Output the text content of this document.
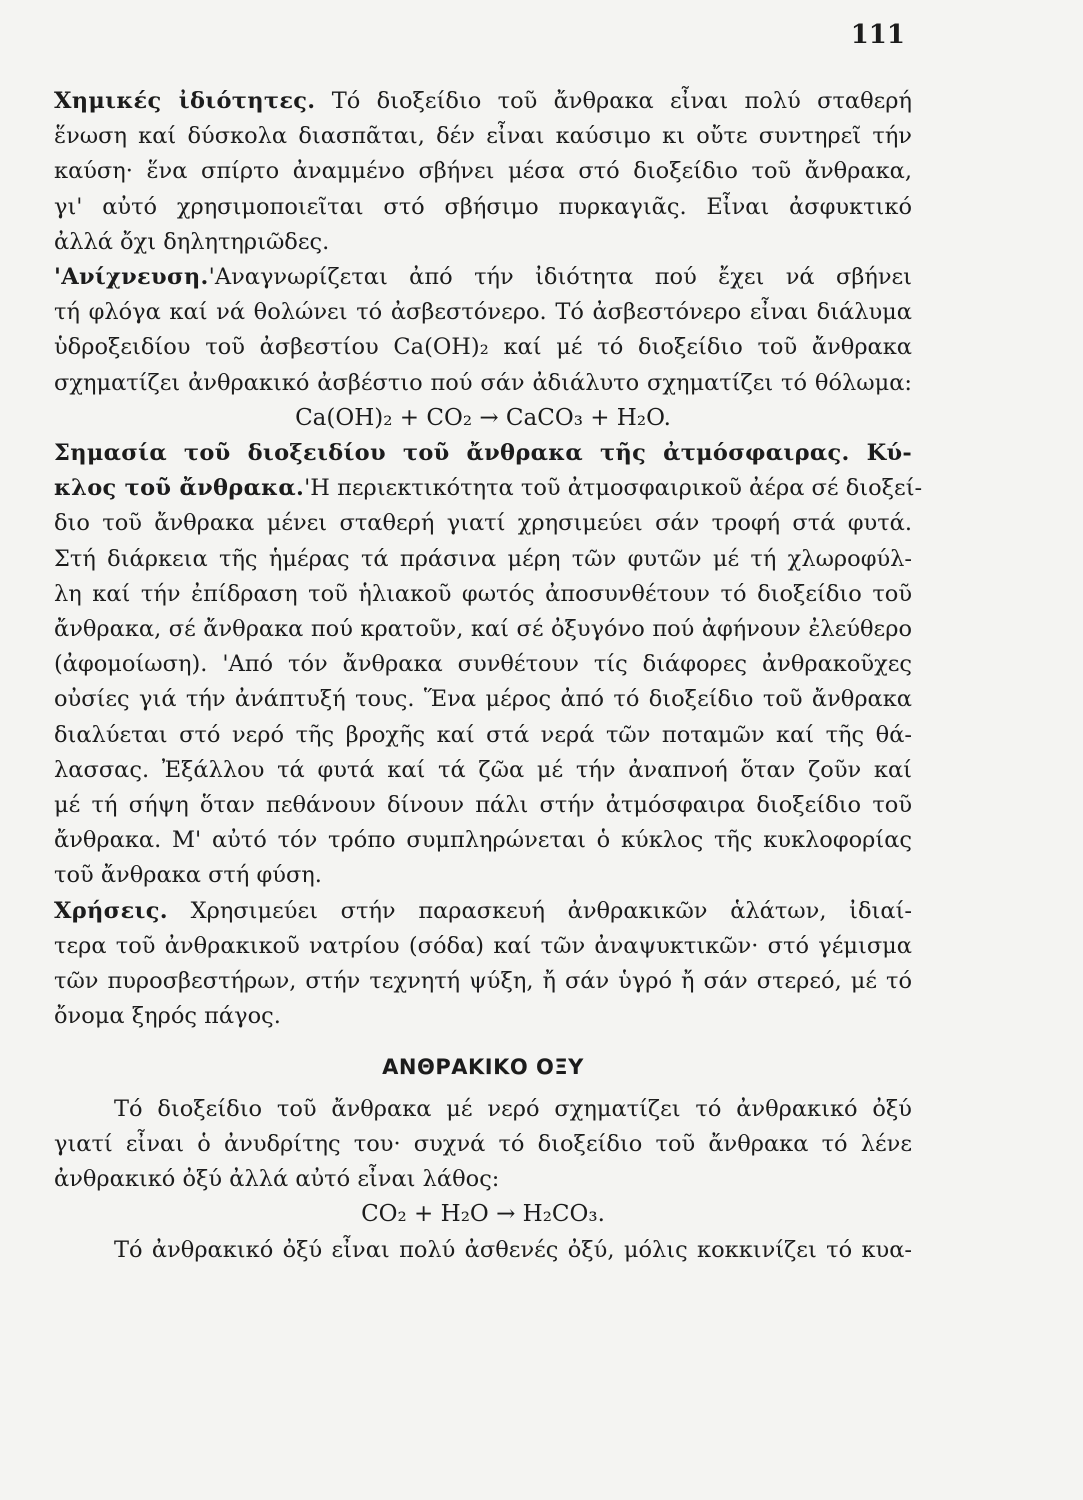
111
Χημικές ἰδιότητες. Τό διοξείδιο τοῦ ἄνθρακα εἶναι πολύ σταθερή
ἕνωση καί δύσκολα διασπᾶται, δέν εἶναι καύσιμο κι οὔτε συντηρεῖ τήν
καύση· ἕνα σπίρτο ἀναμμένο σβήνει μέσα στό διοξείδιο τοῦ ἄνθρακα,
γι' αὐτό χρησιμοποιεῖται στό σβήσιμο πυρκαγιᾶς. Εἶναι ἀσφυκτικό
ἀλλά ὄχι δηλητηριῶδες.
'Ανίχνευση.'Αναγνωρίζεται ἀπό τήν ἰδιότητα πού ἔχει νά σβήνει
τή φλόγα καί νά θολώνει τό ἀσβεστόνερο. Τό ἀσβεστόνερο εἶναι διάλυμα
ὑδροξειδίου τοῦ ἀσβεστίου Ca(OH)₂ καί μέ τό διοξείδιο τοῦ ἄνθρακα
σχηματίζει ἀνθρακικό ἀσβέστιο πού σάν ἀδιάλυτο σχηματίζει τό θόλωμα:
Ca(OH)₂ + CO₂ → CaCO₃ + H₂O.
Σημασία τοῦ διοξειδίου τοῦ ἄνθρακα τῆς ἀτμόσφαιρας. Κύ-
κλος τοῦ ἄνθρακα.'Η περιεκτικότητα τοῦ ἀτμοσφαιρικοῦ ἀέρα σέ διοξεί-
διο τοῦ ἄνθρακα μένει σταθερή γιατί χρησιμεύει σάν τροφή στά φυτά.
Στή διάρκεια τῆς ἡμέρας τά πράσινα μέρη τῶν φυτῶν μέ τή χλωροφύλ-
λη καί τήν ἐπίδραση τοῦ ἡλιακοῦ φωτός ἀποσυνθέτουν τό διοξείδιο τοῦ
ἄνθρακα, σέ ἄνθρακα πού κρατοῦν, καί σέ ὀξυγόνο πού ἀφήνουν ἐλεύθερο
(ἀφομοίωση). 'Από τόν ἄνθρακα συνθέτουν τίς διάφορες ἀνθρακοῦχες
οὐσίες γιά τήν ἀνάπτυξή τους. Ἕνα μέρος ἀπό τό διοξείδιο τοῦ ἄνθρακα
διαλύεται στό νερό τῆς βροχῆς καί στά νερά τῶν ποταμῶν καί τῆς θά-
λασσας. Ἐξάλλου τά φυτά καί τά ζῶα μέ τήν ἀναπνοή ὅταν ζοῦν καί
μέ τή σήψη ὅταν πεθάνουν δίνουν πάλι στήν ἀτμόσφαιρα διοξείδιο τοῦ
ἄνθρακα. Μ' αὐτό τόν τρόπο συμπληρώνεται ὁ κύκλος τῆς κυκλοφορίας
τοῦ ἄνθρακα στή φύση.
Χρήσεις. Χρησιμεύει στήν παρασκευή ἀνθρακικῶν ἁλάτων, ἰδιαί-
τερα τοῦ ἀνθρακικοῦ νατρίου (σόδα) καί τῶν ἀναψυκτικῶν· στό γέμισμα
τῶν πυροσβεστήρων, στήν τεχνητή ψύξη, ἤ σάν ὑγρό ἤ σάν στερεό, μέ τό
ὄνομα ξηρός πάγος.
ΑΝΘΡΑΚΙΚΟ ΟΞΥ
Τό διοξείδιο τοῦ ἄνθρακα μέ νερό σχηματίζει τό ἀνθρακικό ὀξύ
γιατί εἶναι ὁ ἀνυδρίτης του· συχνά τό διοξείδιο τοῦ ἄνθρακα τό λένε
ἀνθρακικό ὀξύ ἀλλά αὐτό εἶναι λάθος:
CO₂ + H₂O → H₂CO₃.
Τό ἀνθρακικό ὀξύ εἶναι πολύ ἀσθενές ὀξύ, μόλις κοκκινίζει τό κυα-
